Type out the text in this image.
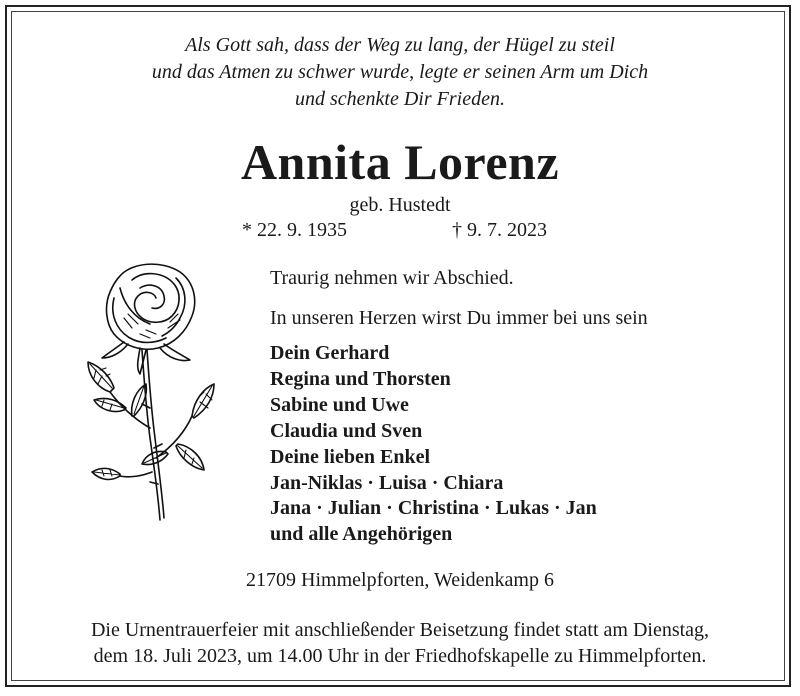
Als Gott sah, dass der Weg zu lang, der Hügel zu steil
und das Atmen zu schwer wurde, legte er seinen Arm um Dich
und schenkte Dir Frieden.
Annita Lorenz
geb. Hustedt
* 22. 9. 1935	† 9. 7. 2023
Traurig nehmen wir Abschied.
In unseren Herzen wirst Du immer bei uns sein
Dein Gerhard
Regina und Thorsten
Sabine und Uwe
Claudia und Sven
Deine lieben Enkel
Jan-Niklas · Luisa · Chiara
Jana · Julian · Christina · Lukas · Jan
und alle Angehörigen
21709 Himmelpforten, Weidenkamp 6
Die Urnentrauerfeier mit anschließender Beisetzung findet statt am Dienstag,
dem 18. Juli 2023, um 14.00 Uhr in der Friedhofskapelle zu Himmelpforten.
